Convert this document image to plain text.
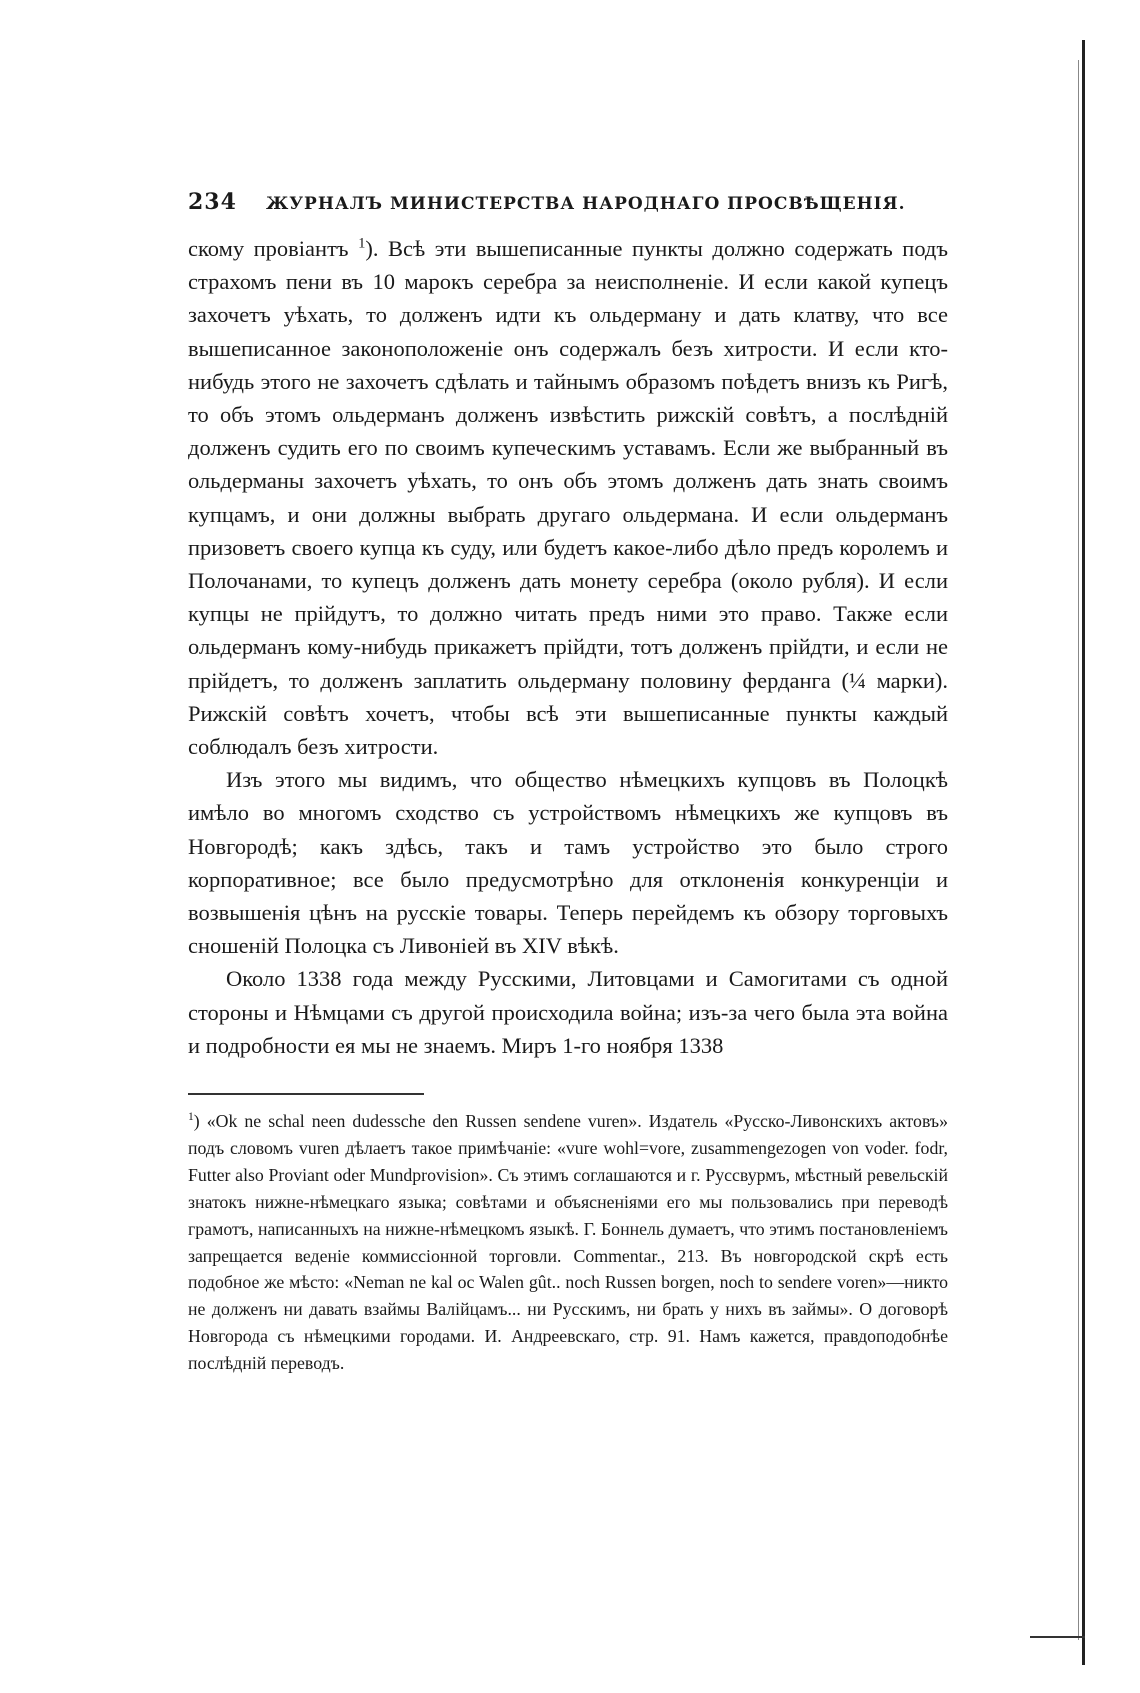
234 ЖУРНАЛЪ МИНИСТЕРСТВА НАРОДНАГО ПРОСВѢЩЕНІЯ.

скому провіантъ $^1$). Всѣ эти вышеписанные пункты должно содержать подъ страхомъ пени въ 10 марокъ серебра за неисполненіе. И если какой купецъ захочетъ уѣхать, то долженъ идти къ ольдерману и дать клатву, что все вышеписанное законоположеніе онъ содержалъ безъ хитрости. И если кто-нибудь этого не захочетъ сдѣлать и тайнымъ образомъ поѣдетъ внизъ къ Ригѣ, то объ этомъ ольдерманъ долженъ извѣстить рижскій совѣтъ, а послѣдній долженъ судить его по своимъ купеческимъ уставамъ. Если же выбранный въ ольдерманы захочетъ уѣхать, то онъ объ этомъ долженъ дать знать своимъ купцамъ, и они должны выбрать другаго ольдермана. И если ольдерманъ призоветъ своего купца къ суду, или будетъ какое-либо дѣло предъ королемъ и Полочанами, то купецъ долженъ дать монету серебра (около рубля). И если купцы не прійдутъ, то должно читать предъ ними это право. Также если ольдерманъ кому-нибудь прикажетъ прійдти, тотъ долженъ прійдти, и если не прійдетъ, то долженъ заплатить ольдерману половину ферданга (¼ марки). Рижскій совѣтъ хочетъ, чтобы всѣ эти вышеписанные пункты каждый соблюдалъ безъ хитрости.

Изъ этого мы видимъ, что общество нѣмецкихъ купцовъ въ Полоцкѣ имѣло во многомъ сходство съ устройствомъ нѣмецкихъ же купцовъ въ Новгородѣ; какъ здѣсь, такъ и тамъ устройство это было строго корпоративное; все было предусмотрѣно для отклоненія конкуренціи и возвышенія цѣнъ на русскіе товары. Теперь перейдемъ къ обзору торговыхъ сношеній Полоцка съ Ливоніей въ XIV вѣкѣ.

Около 1338 года между Русскими, Литовцами и Самогитами съ одной стороны и Нѣмцами съ другой происходила война; изъ-за чего была эта война и подробности ея мы не знаемъ. Миръ 1-го ноября 1338

$^1$) «Ok ne schal neen dudessche den Russen sendene vuren». Издатель «Русско-Ливонскихъ актовъ» подъ словомъ vuren дѣлаетъ такое примѣчаніе: «vure wohl=vore, zusammengezogen von voder. fodr, Futter also Proviant oder Mundprovision». Съ этимъ соглашаются и г. Руссвурмъ, мѣстный ревельскій знатокъ нижне-нѣмецкаго языка; совѣтами и объясненіями его мы пользовались при переводѣ грамотъ, написанныхъ на нижне-нѣмецкомъ языкѣ. Г. Боннель думаетъ, что этимъ постановленіемъ запрещается веденіе коммиссіонной торговли. Commentar., 213. Въ новгородской скрѣ есть подобное же мѣсто: «Neman ne kal oc Walen gût.. noch Russen borgen, noch to sendere voren»—никто не долженъ ни давать взаймы Валійцамъ... ни Русскимъ, ни брать у нихъ въ займы». О договорѣ Новгорода съ нѣмецкими городами. И. Андреевскаго, стр. 91. Намъ кажется, правдоподобнѣе послѣдній переводъ.
